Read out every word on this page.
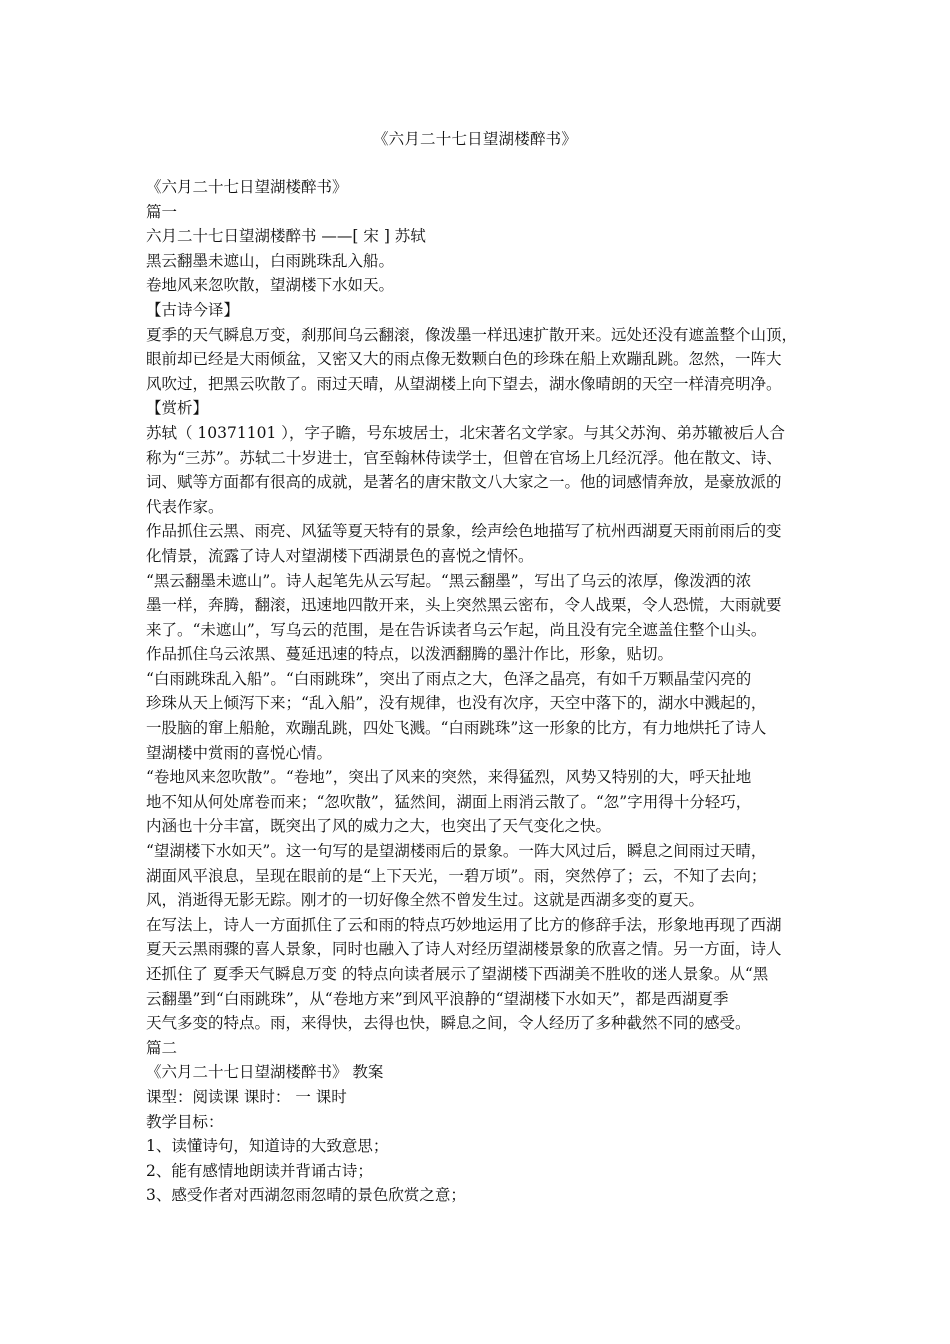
《六月二十七日望湖楼醉书》
《六月二十七日望湖楼醉书》
篇一
六月二十七日望湖楼醉书 ——[ 宋 ] 苏轼
黑云翻墨未遮山，白雨跳珠乱入船。
卷地风来忽吹散，望湖楼下水如天。
【古诗今译】
夏季的天气瞬息万变，刹那间乌云翻滚，像泼墨一样迅速扩散开来。远处还没有遮盖整个山顶，
眼前却已经是大雨倾盆，又密又大的雨点像无数颗白色的珍珠在船上欢蹦乱跳。忽然，一阵大
风吹过，把黑云吹散了。雨过天晴，从望湖楼上向下望去，湖水像晴朗的天空一样清亮明净。
【赏析】
苏轼（ 10371101 ），字子瞻，号东坡居士，北宋著名文学家。与其父苏洵、弟苏辙被后人合
称为“三苏”。苏轼二十岁进士，官至翰林侍读学士，但曾在官场上几经沉浮。他在散文、诗、
词、赋等方面都有很高的成就，是著名的唐宋散文八大家之一。他的词感情奔放，是豪放派的
代表作家。
作品抓住云黑、雨亮、风猛等夏天特有的景象，绘声绘色地描写了杭州西湖夏天雨前雨后的变
化情景，流露了诗人对望湖楼下西湖景色的喜悦之情怀。
“黑云翻墨未遮山”。诗人起笔先从云写起。“黑云翻墨”，写出了乌云的浓厚，像泼洒的浓
墨一样，奔腾，翻滚，迅速地四散开来，头上突然黑云密布，令人战栗，令人恐慌，大雨就要
来了。“未遮山”，写乌云的范围，是在告诉读者乌云乍起，尚且没有完全遮盖住整个山头。
作品抓住乌云浓黑、蔓延迅速的特点，以泼洒翻腾的墨汁作比，形象，贴切。
“白雨跳珠乱入船”。“白雨跳珠”，突出了雨点之大，色泽之晶亮，有如千万颗晶莹闪亮的
珍珠从天上倾泻下来；“乱入船”，没有规律，也没有次序，天空中落下的，湖水中溅起的，
一股脑的窜上船舱，欢蹦乱跳，四处飞溅。“白雨跳珠”这一形象的比方，有力地烘托了诗人
望湖楼中赏雨的喜悦心情。
“卷地风来忽吹散”。“卷地”，突出了风来的突然，来得猛烈，风势又特别的大，呼天扯地
地不知从何处席卷而来；“忽吹散”，猛然间，湖面上雨消云散了。“忽”字用得十分轻巧，
内涵也十分丰富，既突出了风的威力之大，也突出了天气变化之快。
“望湖楼下水如天”。这一句写的是望湖楼雨后的景象。一阵大风过后，瞬息之间雨过天晴，
湖面风平浪息，呈现在眼前的是“上下天光，一碧万顷”。雨，突然停了；云，不知了去向；
风，消逝得无影无踪。刚才的一切好像全然不曾发生过。这就是西湖多变的夏天。
在写法上，诗人一方面抓住了云和雨的特点巧妙地运用了比方的修辞手法，形象地再现了西湖
夏天云黑雨骤的喜人景象，同时也融入了诗人对经历望湖楼景象的欣喜之情。另一方面，诗人
还抓住了 夏季天气瞬息万变 的特点向读者展示了望湖楼下西湖美不胜收的迷人景象。从“黑
云翻墨”到“白雨跳珠”，从“卷地方来”到风平浪静的“望湖楼下水如天”，都是西湖夏季
天气多变的特点。雨，来得快，去得也快，瞬息之间，令人经历了多种截然不同的感受。
篇二
《六月二十七日望湖楼醉书》 教案
课型：阅读课 课时： 一 课时
教学目标：
1、读懂诗句，知道诗的大致意思；
2、能有感情地朗读并背诵古诗；
3、感受作者对西湖忽雨忽晴的景色欣赏之意；
